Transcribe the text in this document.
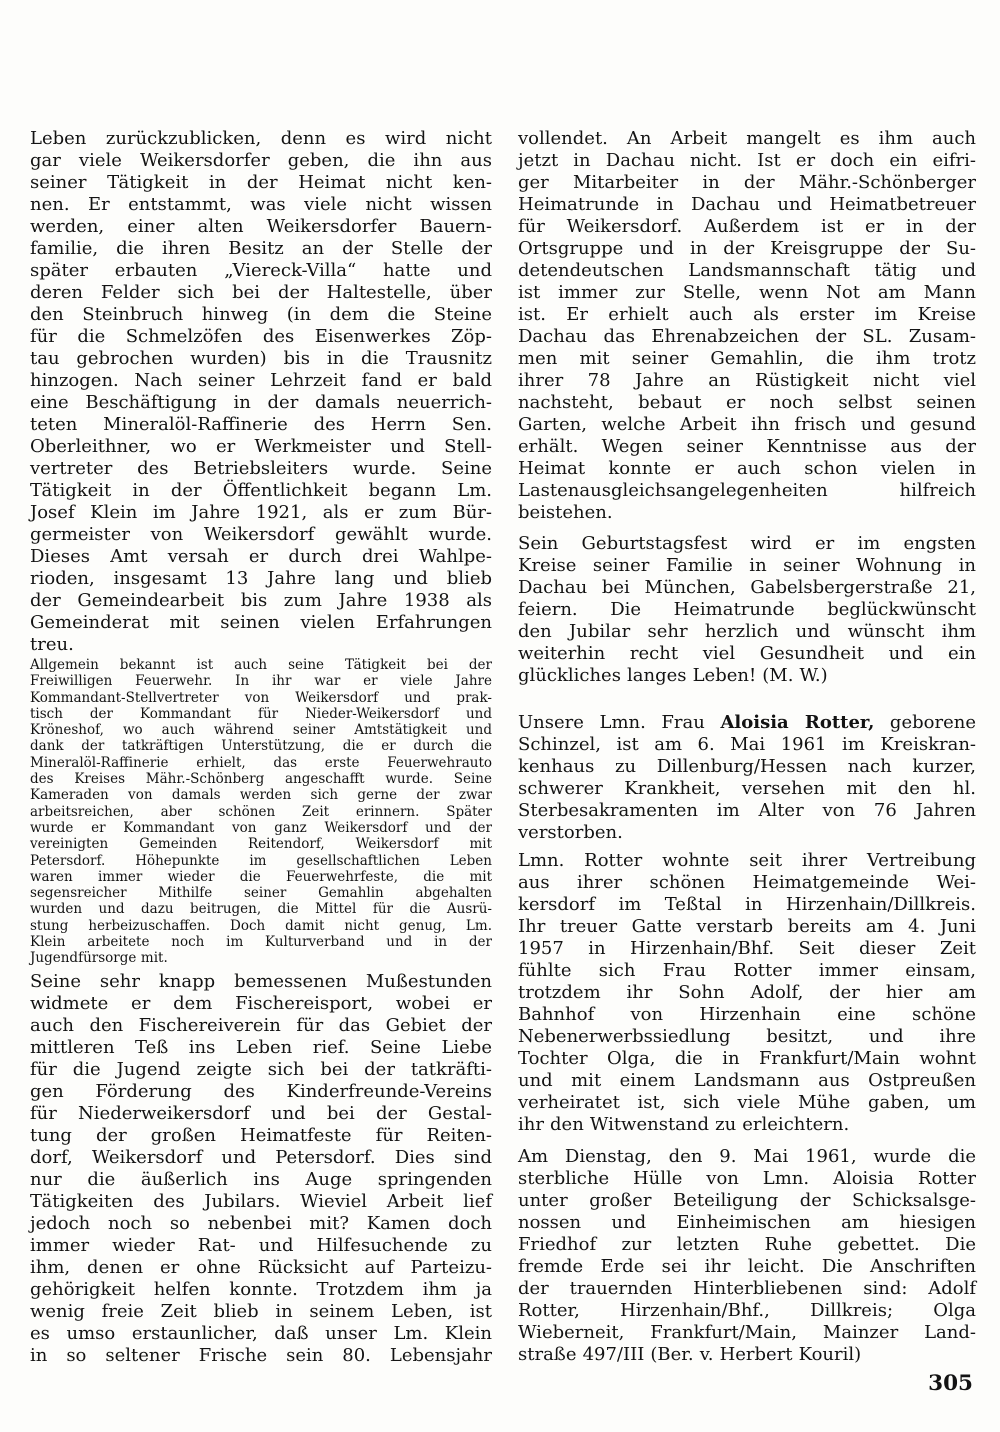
Leben zurückzublicken, denn es wird nicht
gar viele Weikersdorfer geben, die ihn aus
seiner Tätigkeit in der Heimat nicht ken-
nen. Er entstammt, was viele nicht wissen
werden, einer alten Weikersdorfer Bauern-
familie, die ihren Besitz an der Stelle der
später erbauten „Viereck-Villa“ hatte und
deren Felder sich bei der Haltestelle, über
den Steinbruch hinweg (in dem die Steine
für die Schmelzöfen des Eisenwerkes Zöp-
tau gebrochen wurden) bis in die Trausnitz
hinzogen. Nach seiner Lehrzeit fand er bald
eine Beschäftigung in der damals neuerrich-
teten Mineralöl-Raffinerie des Herrn Sen.
Oberleithner, wo er Werkmeister und Stell-
vertreter des Betriebsleiters wurde. Seine
Tätigkeit in der Öffentlichkeit begann Lm.
Josef Klein im Jahre 1921, als er zum Bür-
germeister von Weikersdorf gewählt wurde.
Dieses Amt versah er durch drei Wahlpe-
rioden, insgesamt 13 Jahre lang und blieb
der Gemeindearbeit bis zum Jahre 1938 als
Gemeinderat mit seinen vielen Erfahrungen
treu.
Allgemein bekannt ist auch seine Tätigkeit bei der
Freiwilligen Feuerwehr. In ihr war er viele Jahre
Kommandant-Stellvertreter von Weikersdorf und prak-
tisch der Kommandant für Nieder-Weikersdorf und
Kröneshof, wo auch während seiner Amtstätigkeit und
dank der tatkräftigen Unterstützung, die er durch die
Mineralöl-Raffinerie erhielt, das erste Feuerwehrauto
des Kreises Mähr.-Schönberg angeschafft wurde. Seine
Kameraden von damals werden sich gerne der zwar
arbeitsreichen, aber schönen Zeit erinnern. Später
wurde er Kommandant von ganz Weikersdorf und der
vereinigten Gemeinden Reitendorf, Weikersdorf mit
Petersdorf. Höhepunkte im gesellschaftlichen Leben
waren immer wieder die Feuerwehrfeste, die mit
segensreicher Mithilfe seiner Gemahlin abgehalten
wurden und dazu beitrugen, die Mittel für die Ausrü-
stung herbeizuschaffen. Doch damit nicht genug, Lm.
Klein arbeitete noch im Kulturverband und in der
Jugendfürsorge mit.
Seine sehr knapp bemessenen Mußestunden
widmete er dem Fischereisport, wobei er
auch den Fischereiverein für das Gebiet der
mittleren Teß ins Leben rief. Seine Liebe
für die Jugend zeigte sich bei der tatkräfti-
gen Förderung des Kinderfreunde-Vereins
für Niederweikersdorf und bei der Gestal-
tung der großen Heimatfeste für Reiten-
dorf, Weikersdorf und Petersdorf. Dies sind
nur die äußerlich ins Auge springenden
Tätigkeiten des Jubilars. Wieviel Arbeit lief
jedoch noch so nebenbei mit? Kamen doch
immer wieder Rat- und Hilfesuchende zu
ihm, denen er ohne Rücksicht auf Parteizu-
gehörigkeit helfen konnte. Trotzdem ihm ja
wenig freie Zeit blieb in seinem Leben, ist
es umso erstaunlicher, daß unser Lm. Klein
in so seltener Frische sein 80. Lebensjahr
vollendet. An Arbeit mangelt es ihm auch
jetzt in Dachau nicht. Ist er doch ein eifri-
ger Mitarbeiter in der Mähr.-Schönberger
Heimatrunde in Dachau und Heimatbetreuer
für Weikersdorf. Außerdem ist er in der
Ortsgruppe und in der Kreisgruppe der Su-
detendeutschen Landsmannschaft tätig und
ist immer zur Stelle, wenn Not am Mann
ist. Er erhielt auch als erster im Kreise
Dachau das Ehrenabzeichen der SL. Zusam-
men mit seiner Gemahlin, die ihm trotz
ihrer 78 Jahre an Rüstigkeit nicht viel
nachsteht, bebaut er noch selbst seinen
Garten, welche Arbeit ihn frisch und gesund
erhält. Wegen seiner Kenntnisse aus der
Heimat konnte er auch schon vielen in
Lastenausgleichsangelegenheiten hilfreich
beistehen.
Sein Geburtstagsfest wird er im engsten
Kreise seiner Familie in seiner Wohnung in
Dachau bei München, Gabelsbergerstraße 21,
feiern. Die Heimatrunde beglückwünscht
den Jubilar sehr herzlich und wünscht ihm
weiterhin recht viel Gesundheit und ein
glückliches langes Leben! (M. W.)
Unsere Lmn. Frau Aloisia Rotter, geborene
Schinzel, ist am 6. Mai 1961 im Kreiskran-
kenhaus zu Dillenburg/Hessen nach kurzer,
schwerer Krankheit, versehen mit den hl.
Sterbesakramenten im Alter von 76 Jahren
verstorben.
Lmn. Rotter wohnte seit ihrer Vertreibung
aus ihrer schönen Heimatgemeinde Wei-
kersdorf im Teßtal in Hirzenhain/Dillkreis.
Ihr treuer Gatte verstarb bereits am 4. Juni
1957 in Hirzenhain/Bhf. Seit dieser Zeit
fühlte sich Frau Rotter immer einsam,
trotzdem ihr Sohn Adolf, der hier am
Bahnhof von Hirzenhain eine schöne
Nebenerwerbssiedlung besitzt, und ihre
Tochter Olga, die in Frankfurt/Main wohnt
und mit einem Landsmann aus Ostpreußen
verheiratet ist, sich viele Mühe gaben, um
ihr den Witwenstand zu erleichtern.
Am Dienstag, den 9. Mai 1961, wurde die
sterbliche Hülle von Lmn. Aloisia Rotter
unter großer Beteiligung der Schicksalsge-
nossen und Einheimischen am hiesigen
Friedhof zur letzten Ruhe gebettet. Die
fremde Erde sei ihr leicht. Die Anschriften
der trauernden Hinterbliebenen sind: Adolf
Rotter, Hirzenhain/Bhf., Dillkreis; Olga
Wieberneit, Frankfurt/Main, Mainzer Land-
straße 497/III (Ber. v. Herbert Kouril)
305
